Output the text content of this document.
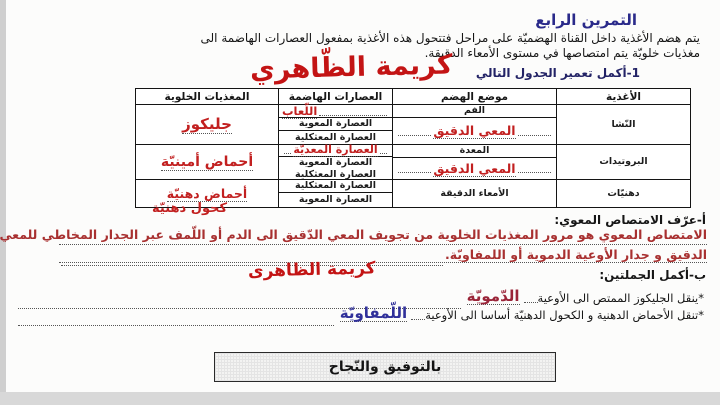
التمرين الرابع
يتم هضم الأغذية داخل القناة الهضميّة على مراحل فتتحول هذه الأغذية بمفعول العصارات الهاضمة الى
مغذيات خلويّة يتم امتصاصها في مستوى الأمعاء الدقيقة.
1-أكمل تعمير الجدول التالي
كريمة الظّاهري
الأغذية
موضع الهضم
العصارات الهاضمة
المغذيات الخلوية
النّشا
الفم
المعي الدقيق
اللّعاب
العصارة المعوية
العصارة المعثكلية
جليكوز
البروتيدات
المعدة
المعي الدقيق
العصارة المعديّة
العصارة المعوية
العصارة المعثكلية
أحماض أمينيّة
دهنيّات
الأمعاء الدقيقة
العصارة المعثكلية
العصارة المعوية
أحماض دهنيّة
كحول دهنيّة
أ-عرّف الامتصاص المعوي:
الامتصاص المعوي هو مرور المغذيات الخلوية من تجويف المعي الدّقيق الى الدم أو اللّمف عبر الجدار المخاطي للمعي
الدقيق و جدار الأوعية الدموية أو اللمفاويّة.
ب-أكمل الجملتين:
كريمة الظاهرى
*ينقل الجليكوز الممتص الى الأوعية
الدّمويّة
*تنقل الأحماض الدهنية و الكحول الدهنيّة أساسا الى الأوعية
اللّمفاويّة
بالتوفيق والنّجاح
